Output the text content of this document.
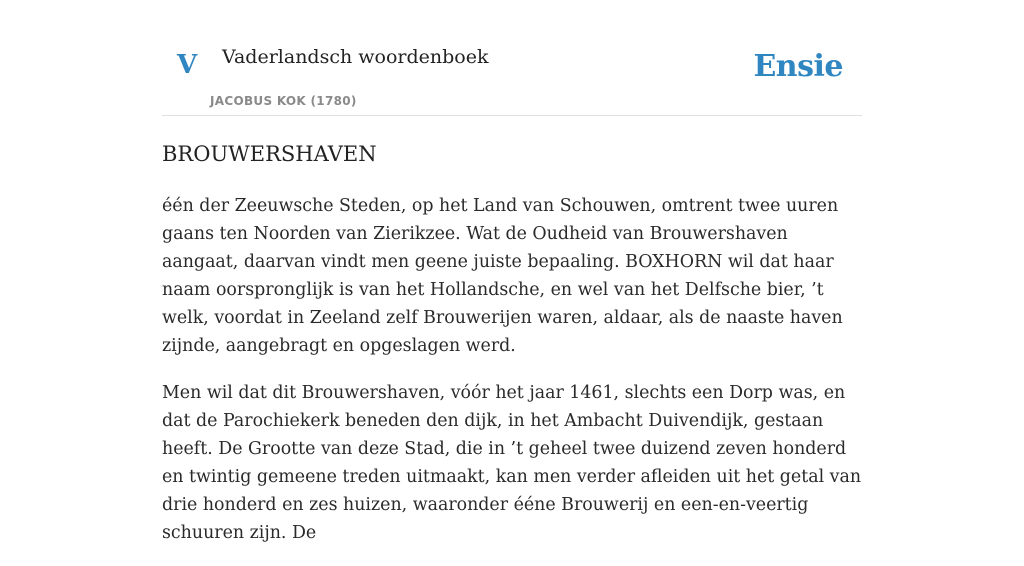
V Vaderlandsch woordenboek
JACOBUS KOK (1780)
Ensie
BROUWERSHAVEN

één der Zeeuwsche Steden, op het Land van Schouwen, omtrent twee uuren gaans ten Noorden van Zierikzee. Wat de Oudheid van Brouwershaven aangaat, daarvan vindt men geene juiste bepaaling. BOXHORN wil dat haar naam oorspronglijk is van het Hollandsche, en wel van het Delfsche bier, ’t welk, voordat in Zeeland zelf Brouwerijen waren, aldaar, als de naaste haven zijnde, aangebragt en opgeslagen werd.

Men wil dat dit Brouwershaven, vóór het jaar 1461, slechts een Dorp was, en dat de Parochiekerk beneden den dijk, in het Ambacht Duivendijk, gestaan heeft. De Grootte van deze Stad, die in ’t geheel twee duizend zeven honderd en twintig gemeene treden uitmaakt, kan men verder afleiden uit het getal van drie honderd en zes huizen, waaronder ééne Brouwerij en een-en-veertig schuuren zijn. De
